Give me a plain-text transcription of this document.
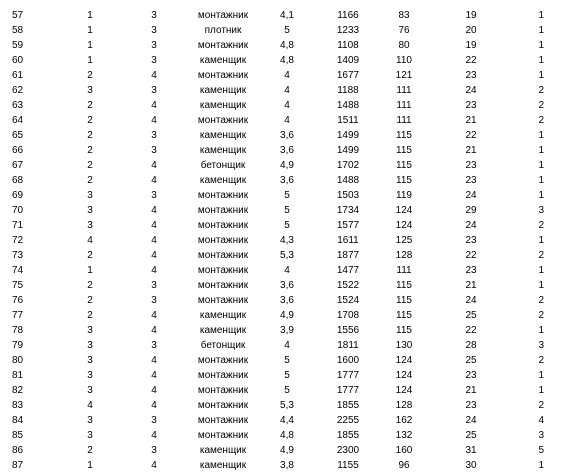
57	1	3	монтажник	4,1	1166	83	19	1
58	1	3	плотник	5	1233	76	20	1
59	1	3	монтажник	4,8	1108	80	19	1
60	1	3	каменщик	4,8	1409	110	22	1
61	2	4	монтажник	4	1677	121	23	1
62	3	3	каменщик	4	1188	111	24	2
63	2	4	каменщик	4	1488	111	23	2
64	2	4	монтажник	4	1511	111	21	2
65	2	3	каменщик	3,6	1499	115	22	1
66	2	3	каменщик	3,6	1499	115	21	1
67	2	4	бетонщик	4,9	1702	115	23	1
68	2	4	каменщик	3,6	1488	115	23	1
69	3	3	монтажник	5	1503	119	24	1
70	3	4	монтажник	5	1734	124	29	3
71	3	4	монтажник	5	1577	124	24	2
72	4	4	монтажник	4,3	1611	125	23	1
73	2	4	монтажник	5,3	1877	128	22	2
74	1	4	монтажник	4	1477	111	23	1
75	2	3	монтажник	3,6	1522	115	21	1
76	2	3	монтажник	3,6	1524	115	24	2
77	2	4	каменщик	4,9	1708	115	25	2
78	3	4	каменщик	3,9	1556	115	22	1
79	3	3	бетонщик	4	1811	130	28	3
80	3	4	монтажник	5	1600	124	25	2
81	3	4	монтажник	5	1777	124	23	1
82	3	4	монтажник	5	1777	124	21	1
83	4	4	монтажник	5,3	1855	128	23	2
84	3	3	монтажник	4,4	2255	162	24	4
85	3	4	монтажник	4,8	1855	132	25	3
86	2	3	каменщик	4,9	2300	160	31	5
87	1	4	каменщик	3,8	1155	96	30	1
